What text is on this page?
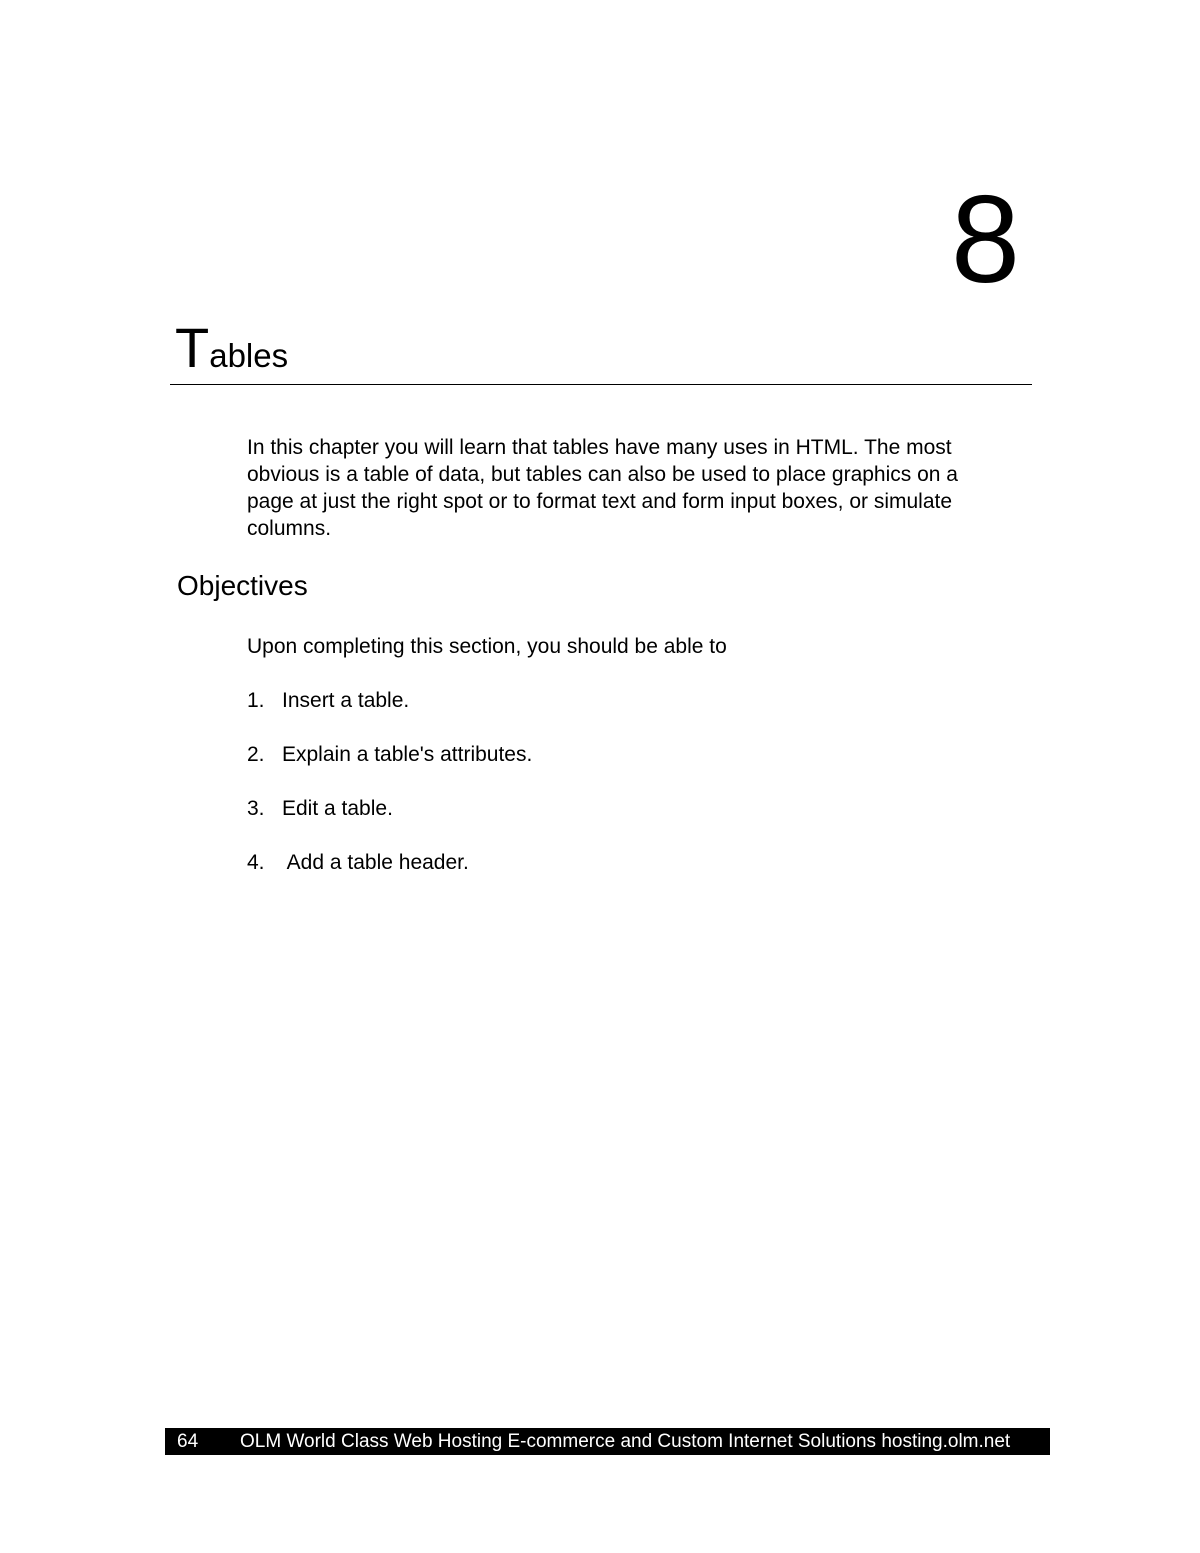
8
Tables

In this chapter you will learn that tables have many uses in HTML. The most obvious is a table of data, but tables can also be used to place graphics on a page at just the right spot or to format text and form input boxes, or simulate columns.

Objectives

Upon completing this section, you should be able to

1. Insert a table.
2. Explain a table's attributes.
3. Edit a table.
4. Add a table header.
64 OLM World Class Web Hosting E-commerce and Custom Internet Solutions hosting.olm.net
